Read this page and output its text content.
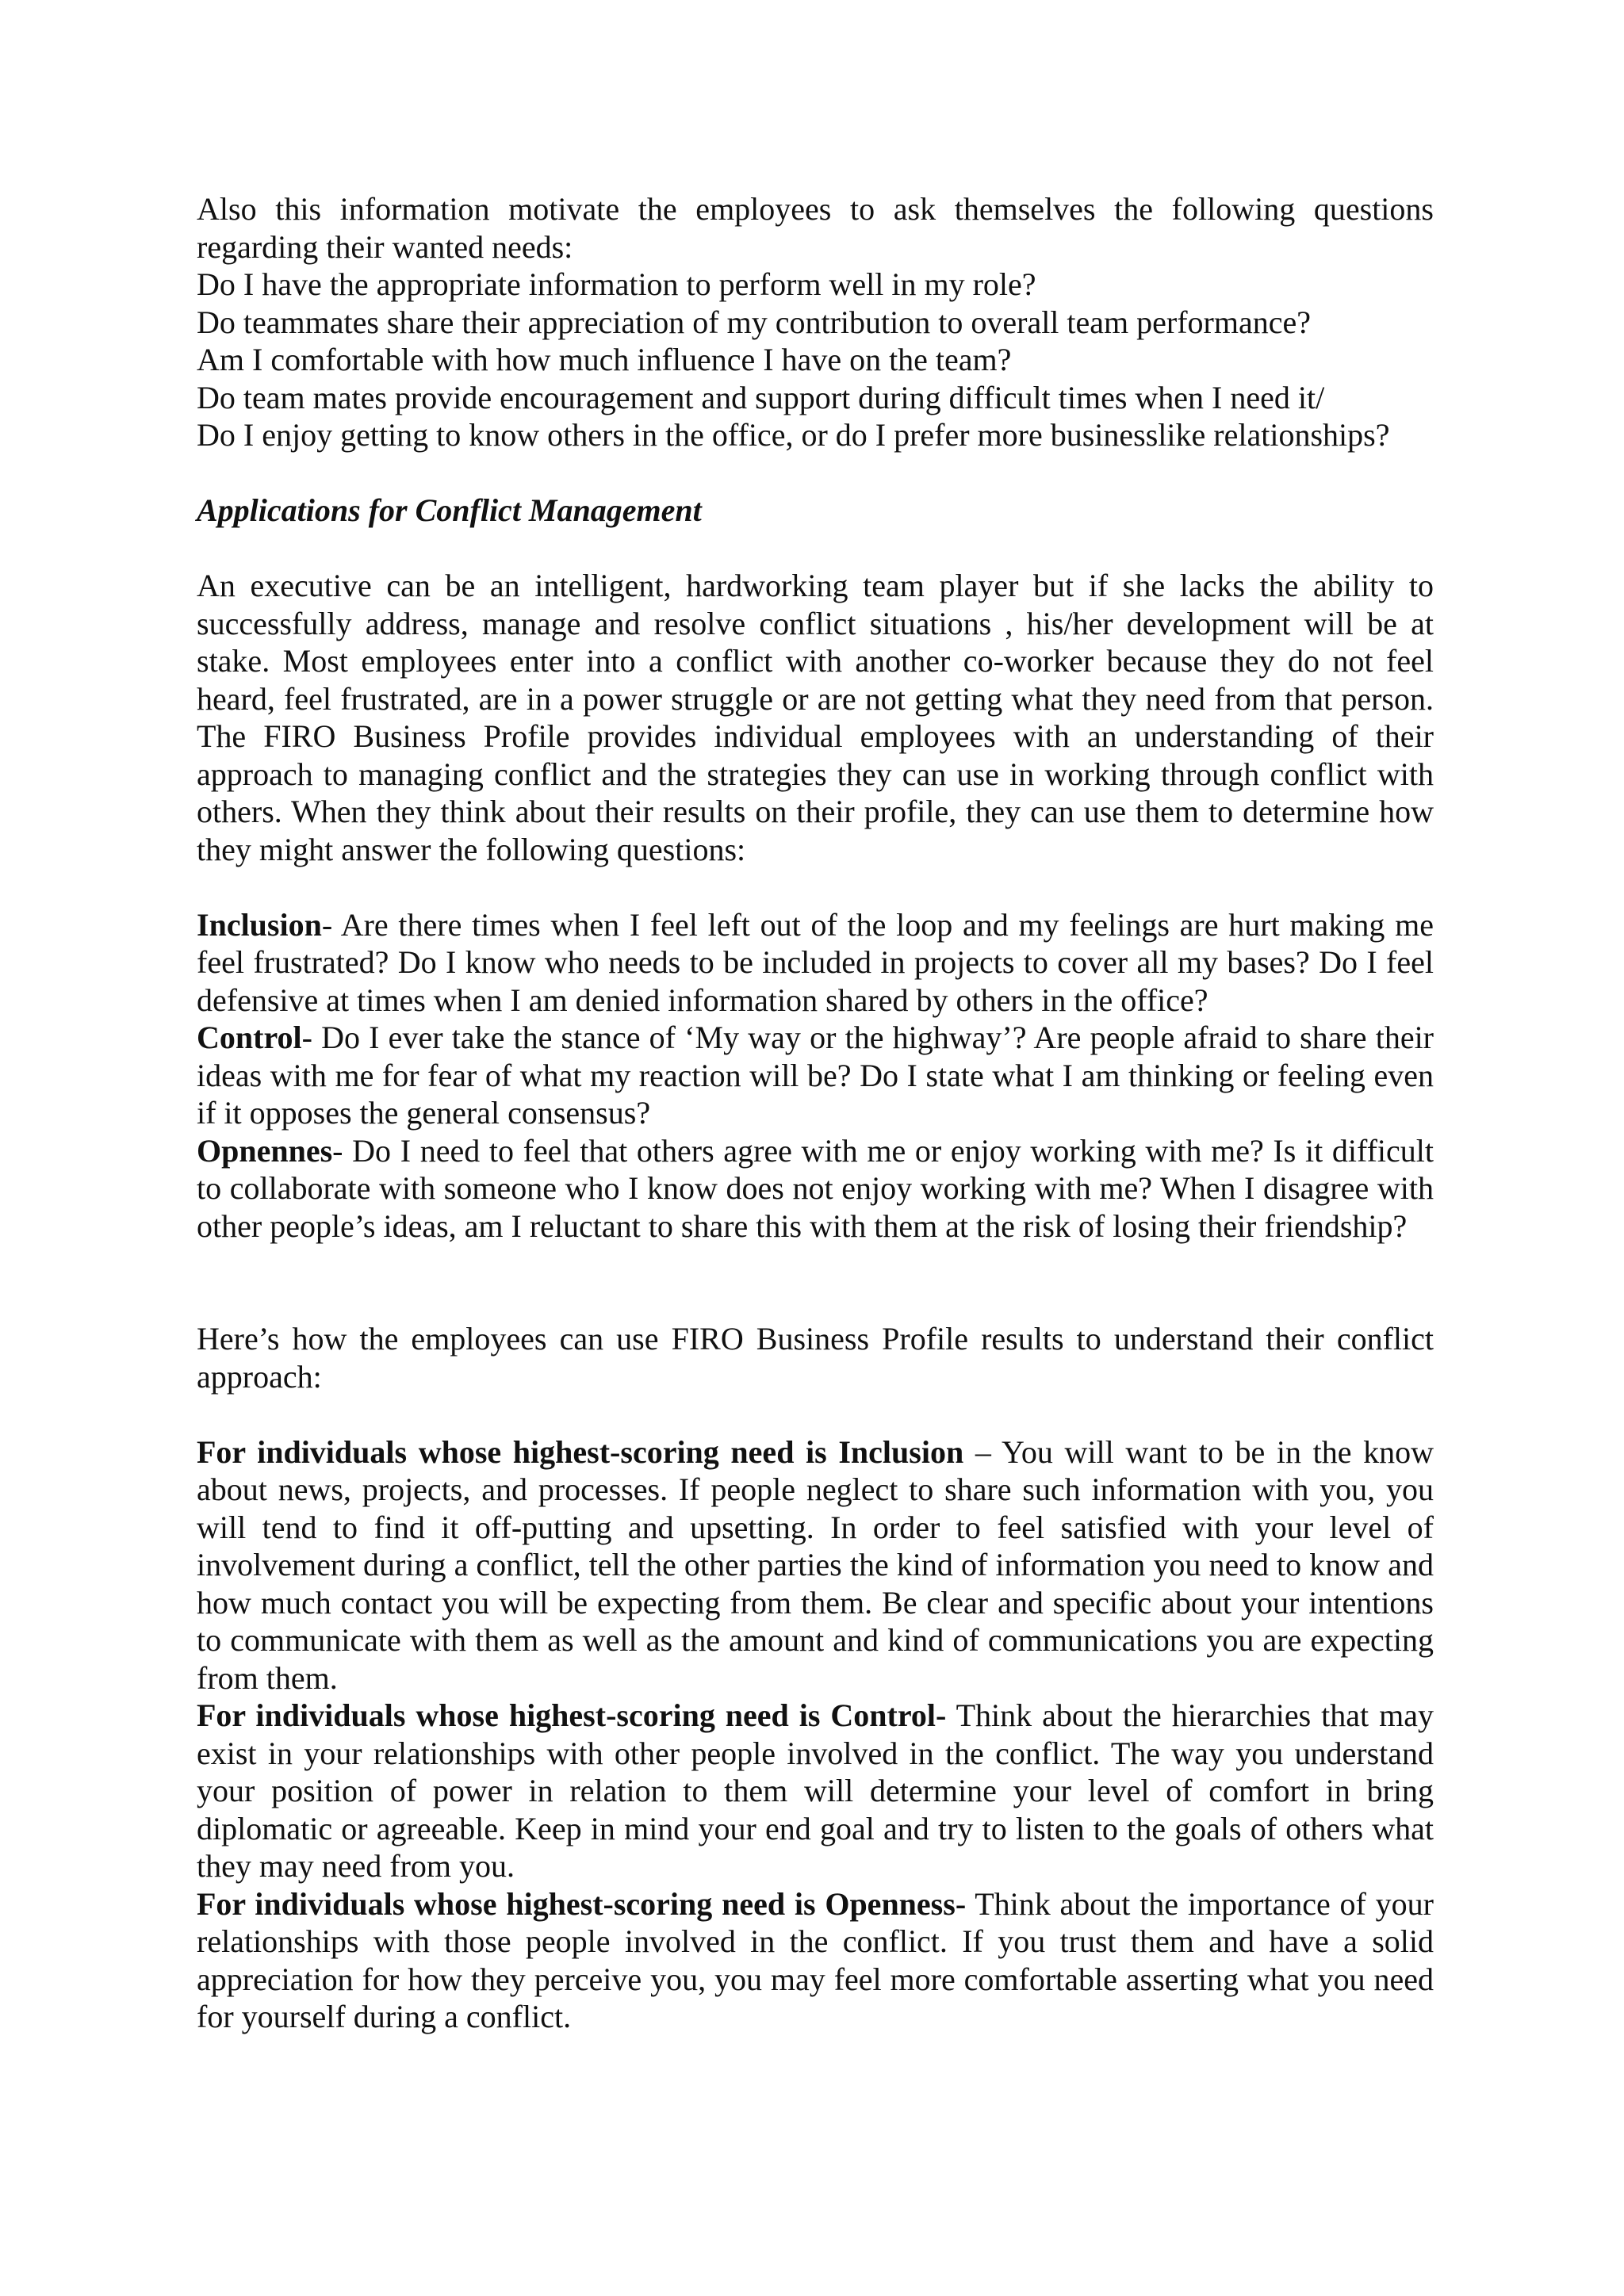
Also this information motivate the employees to ask themselves the following questions regarding their wanted needs:

Do I have the appropriate information to perform well in my role?

Do teammates share their appreciation of my contribution to overall team performance?

Am I comfortable with how much influence I have on the team?

Do team mates provide encouragement and support during difficult times when I need it/

Do I enjoy getting to know others in the office, or do I prefer more businesslike relationships?

Applications for Conflict Management

An executive can be an intelligent, hardworking team player but if she lacks the ability to successfully address, manage and resolve conflict situations , his/her development will be at stake. Most employees enter into a conflict with another co-worker because they do not feel heard, feel frustrated, are in a power struggle or are not getting what they need from that person. The FIRO Business Profile provides individual employees with an understanding of their approach to managing conflict and the strategies they can use in working through conflict with others. When they think about their results on their profile, they can use them to determine how they might answer the following questions:

Inclusion- Are there times when I feel left out of the loop and my feelings are hurt making me feel frustrated? Do I know who needs to be included in projects to cover all my bases? Do I feel defensive at times when I am denied information shared by others in the office?

Control- Do I ever take the stance of ‘My way or the highway’? Are people afraid to share their ideas with me for fear of what my reaction will be? Do I state what I am thinking or feeling even if it opposes the general consensus?

Opnennes- Do I need to feel that others agree with me or enjoy working with me? Is it difficult to collaborate with someone who I know does not enjoy working with me? When I disagree with other people’s ideas, am I reluctant to share this with them at the risk of losing their friendship?

Here’s how the employees can use FIRO Business Profile results to understand their conflict approach:

For individuals whose highest-scoring need is Inclusion – You will want to be in the know about news, projects, and processes. If people neglect to share such information with you, you will tend to find it off-putting and upsetting. In order to feel satisfied with your level of involvement during a conflict, tell the other parties the kind of information you need to know and how much contact you will be expecting from them. Be clear and specific about your intentions to communicate with them as well as the amount and kind of communications you are expecting from them.

For individuals whose highest-scoring need is Control- Think about the hierarchies that may exist in your relationships with other people involved in the conflict. The way you understand your position of power in relation to them will determine your level of comfort in bring diplomatic or agreeable. Keep in mind your end goal and try to listen to the goals of others what they may need from you.

For individuals whose highest-scoring need is Openness- Think about the importance of your relationships with those people involved in the conflict. If you trust them and have a solid appreciation for how they perceive you, you may feel more comfortable asserting what you need for yourself during a conflict.
